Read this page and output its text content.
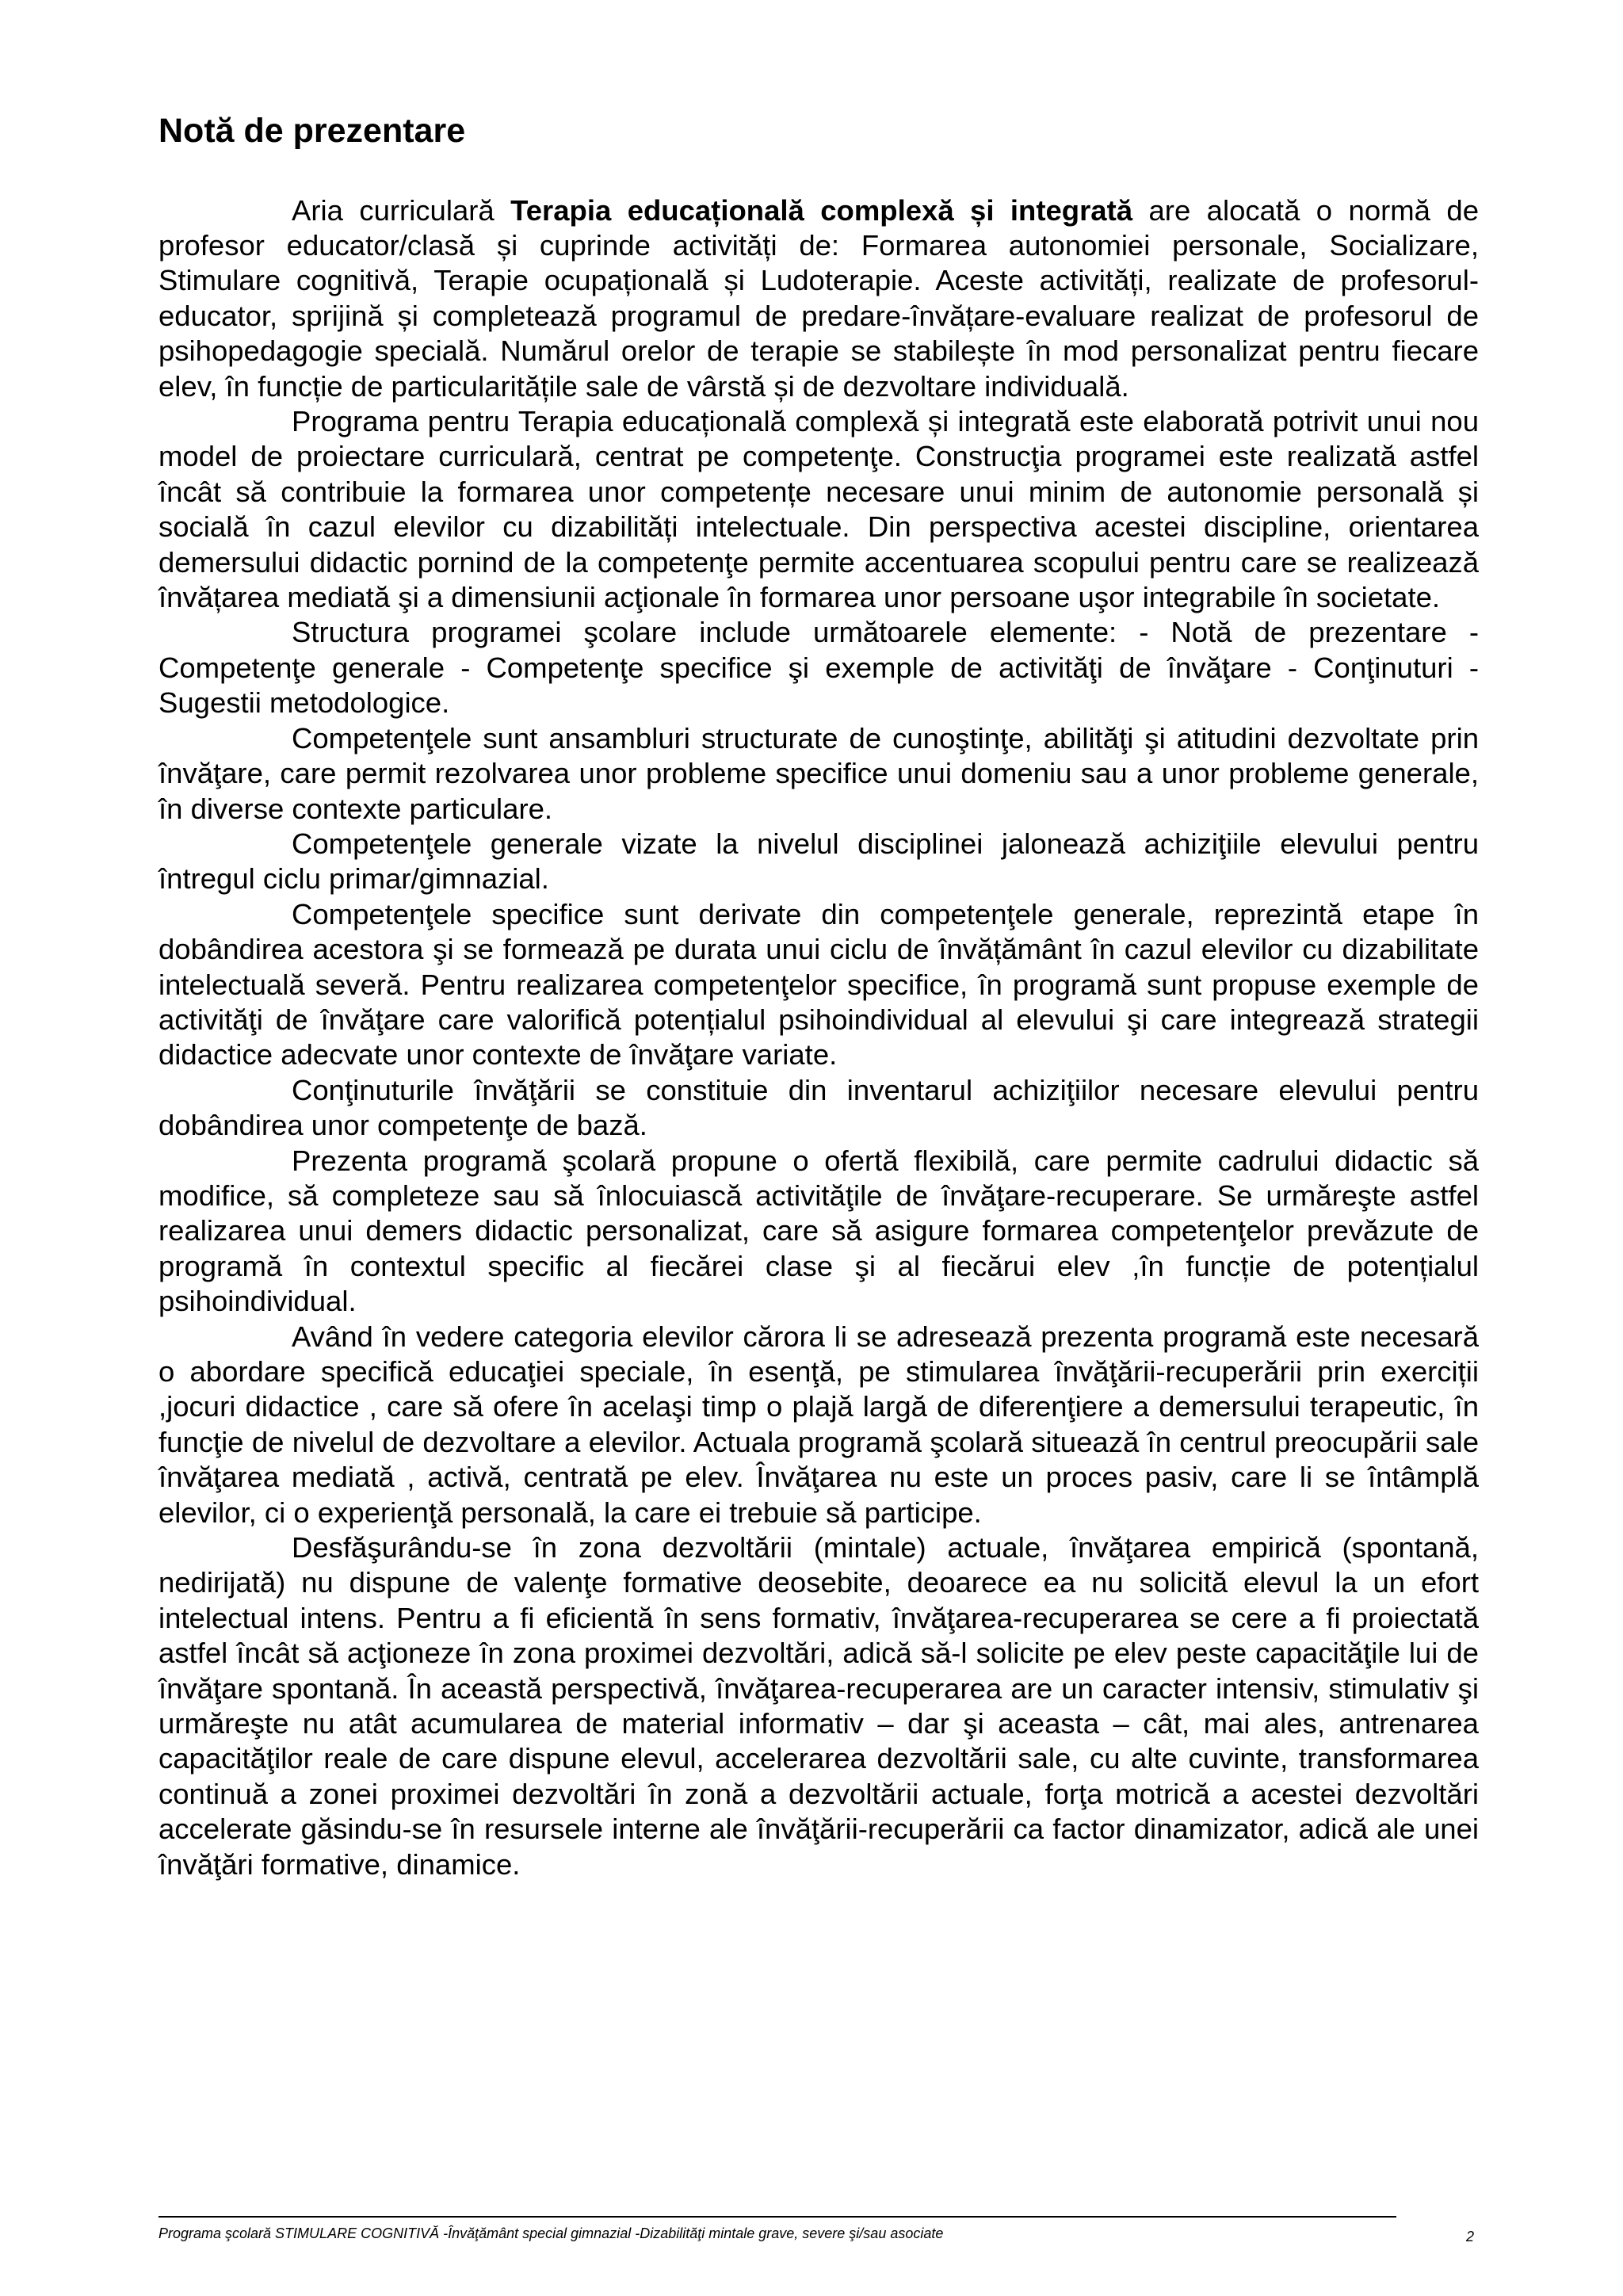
Notă de prezentare

Aria curriculară Terapia educațională complexă și integrată are alocată o normă de profesor educator/clasă și cuprinde activități de: Formarea autonomiei personale, Socializare, Stimulare cognitivă, Terapie ocupațională și Ludoterapie. Aceste activități, realizate de profesorul-educator, sprijină și completează programul de predare-învățare-evaluare realizat de profesorul de psihopedagogie specială. Numărul orelor de terapie se stabilește în mod personalizat pentru fiecare elev, în funcție de particularitățile sale de vârstă și de dezvoltare individuală.

Programa pentru Terapia educațională complexă și integrată este elaborată potrivit unui nou model de proiectare curriculară, centrat pe competenţe. Construcţia programei este realizată astfel încât să contribuie la formarea unor competențe necesare unui minim de autonomie personală și socială în cazul elevilor cu dizabilități intelectuale. Din perspectiva acestei discipline, orientarea demersului didactic pornind de la competenţe permite accentuarea scopului pentru care se realizează învățarea mediată şi a dimensiunii acţionale în formarea unor persoane uşor integrabile în societate.

Structura programei şcolare include următoarele elemente: - Notă de prezentare - Competenţe generale - Competenţe specifice şi exemple de activităţi de învăţare - Conţinuturi - Sugestii metodologice.

Competenţele sunt ansambluri structurate de cunoştinţe, abilităţi şi atitudini dezvoltate prin învăţare, care permit rezolvarea unor probleme specifice unui domeniu sau a unor probleme generale, în diverse contexte particulare.

Competenţele generale vizate la nivelul disciplinei jalonează achiziţiile elevului pentru întregul ciclu primar/gimnazial.

Competenţele specifice sunt derivate din competenţele generale, reprezintă etape în dobândirea acestora şi se formează pe durata unui ciclu de învățământ în cazul elevilor cu dizabilitate intelectuală severă. Pentru realizarea competenţelor specifice, în programă sunt propuse exemple de activităţi de învăţare care valorifică potențialul psihoindividual al elevului şi care integrează strategii didactice adecvate unor contexte de învăţare variate.

Conţinuturile învăţării se constituie din inventarul achiziţiilor necesare elevului pentru dobândirea unor competenţe de bază.

Prezenta programă şcolară propune o ofertă flexibilă, care permite cadrului didactic să modifice, să completeze sau să înlocuiască activităţile de învăţare-recuperare. Se urmăreşte astfel realizarea unui demers didactic personalizat, care să asigure formarea competenţelor prevăzute de programă în contextul specific al fiecărei clase şi al fiecărui elev ,în funcție de potențialul psihoindividual.

Având în vedere categoria elevilor cărora li se adresează prezenta programă este necesară o abordare specifică educaţiei speciale, în esenţă, pe stimularea învăţării-recuperării prin exerciții ,jocuri didactice , care să ofere în acelaşi timp o plajă largă de diferenţiere a demersului terapeutic, în funcţie de nivelul de dezvoltare a elevilor. Actuala programă şcolară situează în centrul preocupării sale învăţarea mediată , activă, centrată pe elev. Învăţarea nu este un proces pasiv, care li se întâmplă elevilor, ci o experienţă personală, la care ei trebuie să participe.

Desfăşurându-se în zona dezvoltării (mintale) actuale, învăţarea empirică (spontană, nedirijată) nu dispune de valenţe formative deosebite, deoarece ea nu solicită elevul la un efort intelectual intens. Pentru a fi eficientă în sens formativ, învăţarea-recuperarea se cere a fi proiectată astfel încât să acţioneze în zona proximei dezvoltări, adică să-l solicite pe elev peste capacităţile lui de învăţare spontană. În această perspectivă, învăţarea-recuperarea are un caracter intensiv, stimulativ şi urmăreşte nu atât acumularea de material informativ – dar şi aceasta – cât, mai ales, antrenarea capacităţilor reale de care dispune elevul, accelerarea dezvoltării sale, cu alte cuvinte, transformarea continuă a zonei proximei dezvoltări în zonă a dezvoltării actuale, forţa motrică a acestei dezvoltări accelerate găsindu-se în resursele interne ale învăţării-recuperării ca factor dinamizator, adică ale unei învăţări formative, dinamice.

Programa şcolară STIMULARE COGNITIVĂ -Învăţământ special gimnazial -Dizabilităţi mintale grave, severe şi/sau asociate	2
